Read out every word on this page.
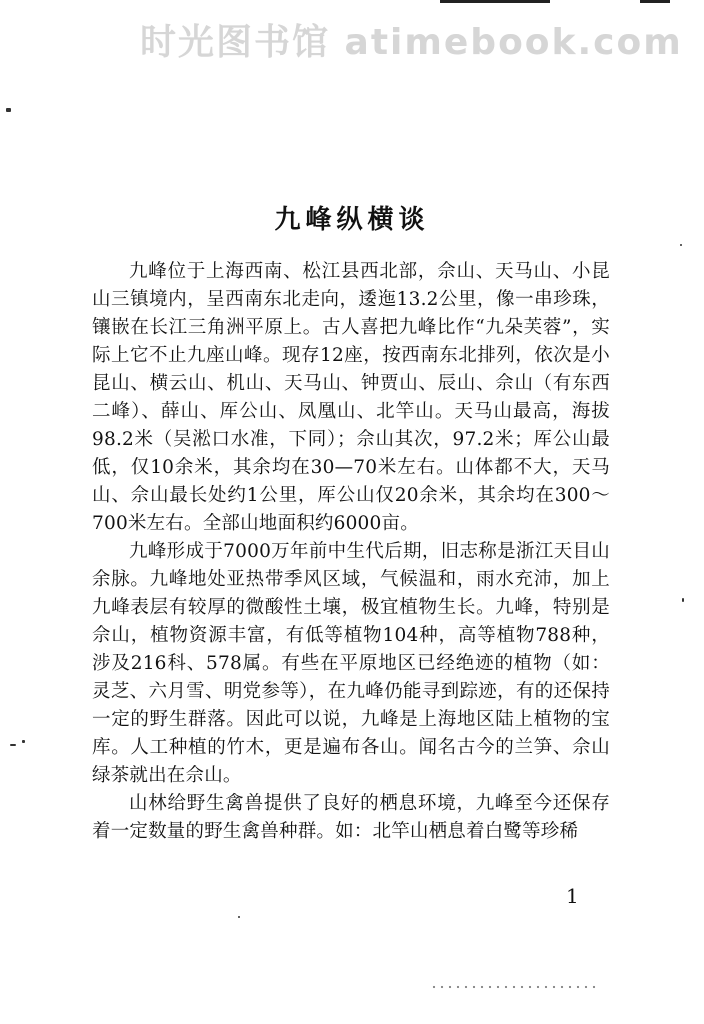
时光图书馆 atimebook.com
九峰纵横谈

九峰位于上海西南、松江县西北部，佘山、天马山、小昆山三镇境内，呈西南东北走向，逶迤13.2公里，像一串珍珠，镶嵌在长江三角洲平原上。古人喜把九峰比作“九朵芙蓉”，实际上它不止九座山峰。现存12座，按西南东北排列，依次是小昆山、横云山、机山、天马山、钟贾山、辰山、佘山（有东西二峰）、薛山、厍公山、凤凰山、北竿山。天马山最高，海拔98.2米（吴淞口水准，下同）；佘山其次，97.2米；厍公山最低，仅10余米，其余均在30—70米左右。山体都不大，天马山、佘山最长处约1公里，厍公山仅20余米，其余均在300～700米左右。全部山地面积约6000亩。

九峰形成于7000万年前中生代后期，旧志称是浙江天目山余脉。九峰地处亚热带季风区域，气候温和，雨水充沛，加上九峰表层有较厚的微酸性土壤，极宜植物生长。九峰，特别是佘山，植物资源丰富，有低等植物104种，高等植物788种，涉及216科、578属。有些在平原地区已经绝迹的植物（如：灵芝、六月雪、明党参等），在九峰仍能寻到踪迹，有的还保持一定的野生群落。因此可以说，九峰是上海地区陆上植物的宝库。人工种植的竹木，更是遍布各山。闻名古今的兰笋、佘山绿茶就出在佘山。

山林给野生禽兽提供了良好的栖息环境，九峰至今还保存着一定数量的野生禽兽种群。如：北竿山栖息着白鹭等珍稀

1
